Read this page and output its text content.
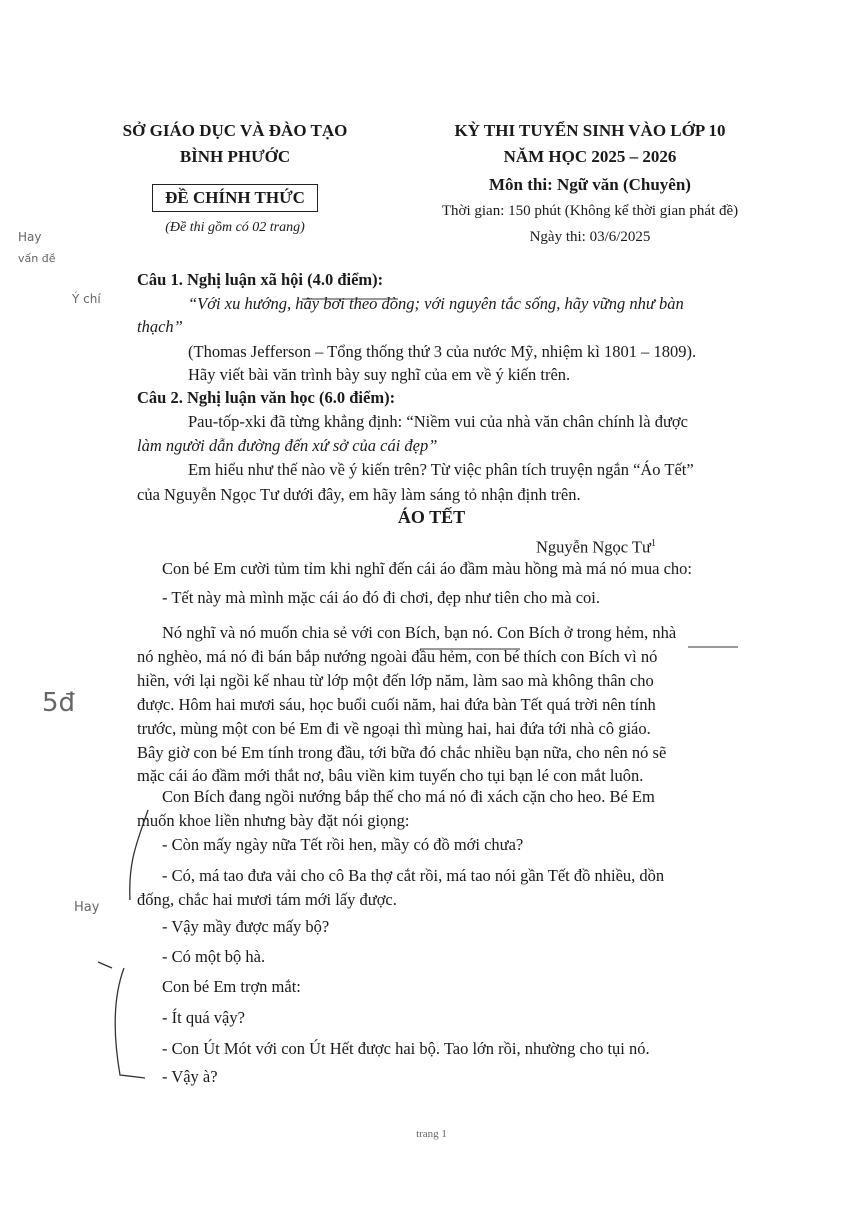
SỞ GIÁO DỤC VÀ ĐÀO TẠO
BÌNH PHƯỚC
ĐỀ CHÍNH THỨC
(Đề thi gồm có 02 trang)
KỲ THI TUYỂN SINH VÀO LỚP 10
NĂM HỌC 2025 – 2026
Môn thi: Ngữ văn (Chuyên)
Thời gian: 150 phút (Không kể thời gian phát đề)
Ngày thi: 03/6/2025
Hay
vấn đề
Ý chí
5đ
Hay
Câu 1. Nghị luận xã hội (4.0 điểm):
“Với xu hướng, hãy bơi theo dòng; với nguyên tắc sống, hãy vững như bàn
thạch”
(Thomas Jefferson – Tổng thống thứ 3 của nước Mỹ, nhiệm kì 1801 – 1809).
Hãy viết bài văn trình bày suy nghĩ của em về ý kiến trên.
Câu 2. Nghị luận văn học (6.0 điểm):
Pau-tốp-xki đã từng khẳng định: “Niềm vui của nhà văn chân chính là được
làm người dẫn đường đến xứ sở của cái đẹp”
Em hiểu như thế nào về ý kiến trên? Từ việc phân tích truyện ngắn “Áo Tết”
của Nguyễn Ngọc Tư dưới đây, em hãy làm sáng tỏ nhận định trên.
ÁO TẾT
Nguyễn Ngọc $Tư^1$
Con bé Em cười tủm tỉm khi nghĩ đến cái áo đầm màu hồng mà má nó mua cho:
- Tết này mà mình mặc cái áo đó đi chơi, đẹp như tiên cho mà coi.
Nó nghĩ và nó muốn chia sẻ với con Bích, bạn nó. Con Bích ở trong hẻm, nhà
nó nghèo, má nó đi bán bắp nướng ngoài đầu hẻm, con bé thích con Bích vì nó
hiền, với lại ngồi kế nhau từ lớp một đến lớp năm, làm sao mà không thân cho
được. Hôm hai mươi sáu, học buổi cuối năm, hai đứa bàn Tết quá trời nên tính
trước, mùng một con bé Em đi về ngoại thì mùng hai, hai đứa tới nhà cô giáo.
Bây giờ con bé Em tính trong đầu, tới bữa đó chắc nhiều bạn nữa, cho nên nó sẽ
mặc cái áo đầm mới thắt nơ, bâu viền kim tuyến cho tụi bạn lé con mắt luôn.
Con Bích đang ngồi nướng bắp thế cho má nó đi xách cặn cho heo. Bé Em
muốn khoe liền nhưng bày đặt nói giọng:
- Còn mấy ngày nữa Tết rồi hen, mầy có đồ mới chưa?
- Có, má tao đưa vải cho cô Ba thợ cắt rồi, má tao nói gần Tết đồ nhiều, dồn
đống, chắc hai mươi tám mới lấy được.
- Vậy mầy được mấy bộ?
- Có một bộ hà.
Con bé Em trợn mắt:
- Ít quá vậy?
- Con Út Mót với con Út Hết được hai bộ. Tao lớn rồi, nhường cho tụi nó.
- Vậy à?
trang 1
